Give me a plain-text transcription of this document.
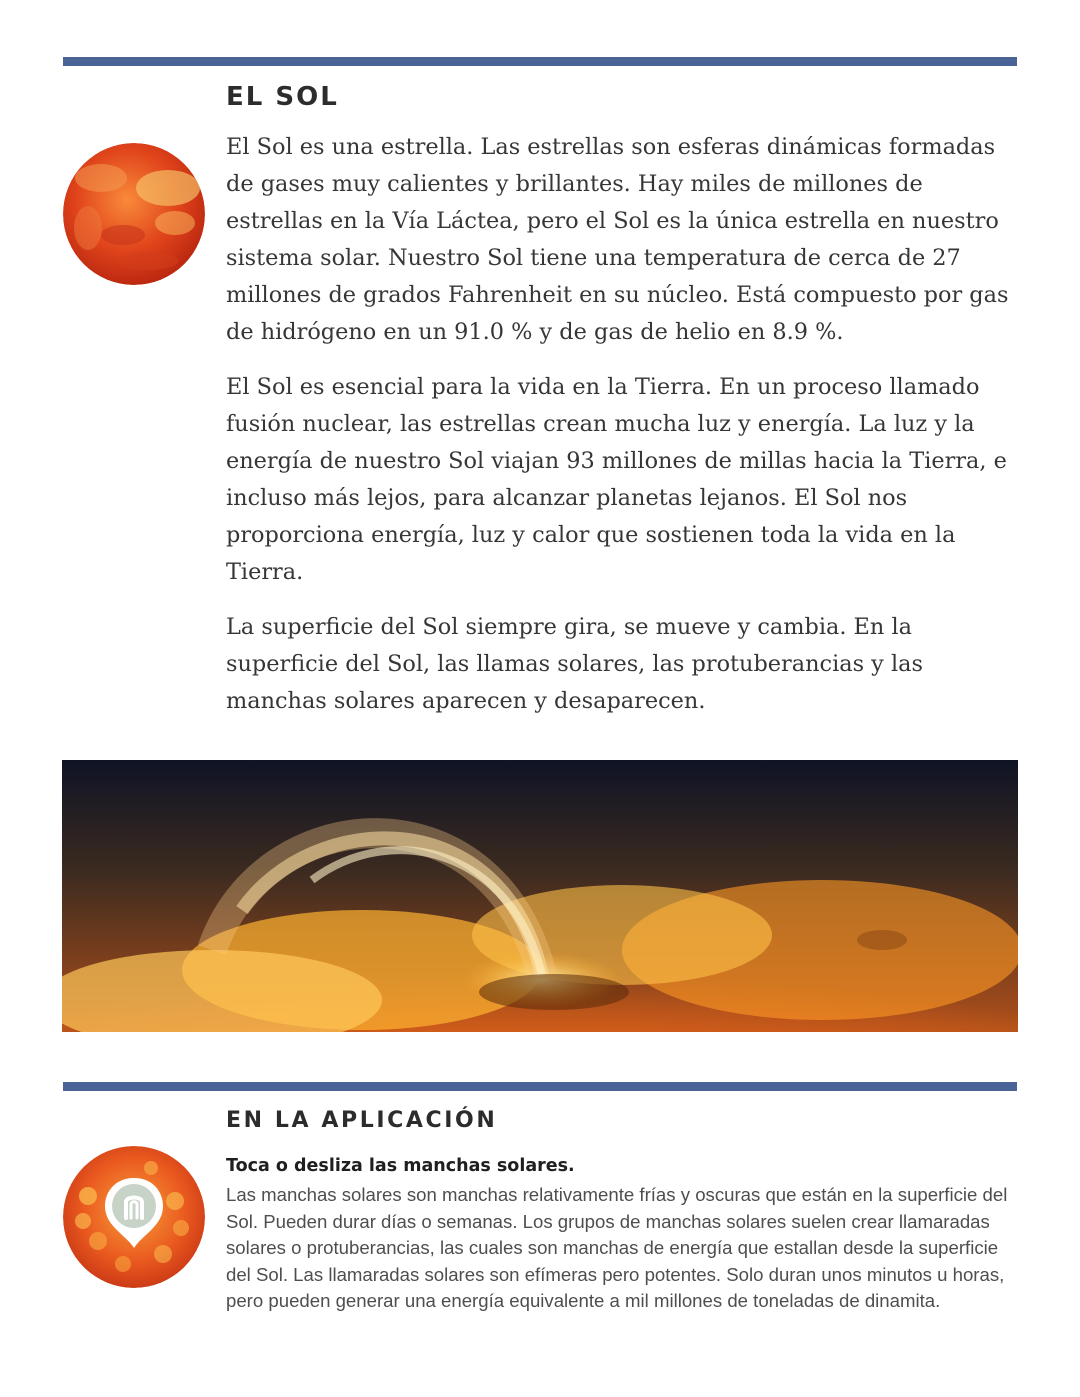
EL SOL

El Sol es una estrella. Las estrellas son esferas dinámicas formadas de gases muy calientes y brillantes. Hay miles de millones de estrellas en la Vía Láctea, pero el Sol es la única estrella en nuestro sistema solar. Nuestro Sol tiene una temperatura de cerca de 27 millones de grados Fahrenheit en su núcleo. Está compuesto por gas de hidrógeno en un 91.0 % y de gas de helio en 8.9 %.

El Sol es esencial para la vida en la Tierra. En un proceso llamado fusión nuclear, las estrellas crean mucha luz y energía. La luz y la energía de nuestro Sol viajan 93 millones de millas hacia la Tierra, e incluso más lejos, para alcanzar planetas lejanos. El Sol nos proporciona energía, luz y calor que sostienen toda la vida en la Tierra.

La superficie del Sol siempre gira, se mueve y cambia. En la superficie del Sol, las llamas solares, las protuberancias y las manchas solares aparecen y desaparecen.

EN LA APLICACIÓN

Toca o desliza las manchas solares.

Las manchas solares son manchas relativamente frías y oscuras que están en la superficie del Sol. Pueden durar días o semanas. Los grupos de manchas solares suelen crear llamaradas solares o protuberancias, las cuales son manchas de energía que estallan desde la superficie del Sol. Las llamaradas solares son efímeras pero potentes. Solo duran unos minutos u horas, pero pueden generar una energía equivalente a mil millones de toneladas de dinamita.
